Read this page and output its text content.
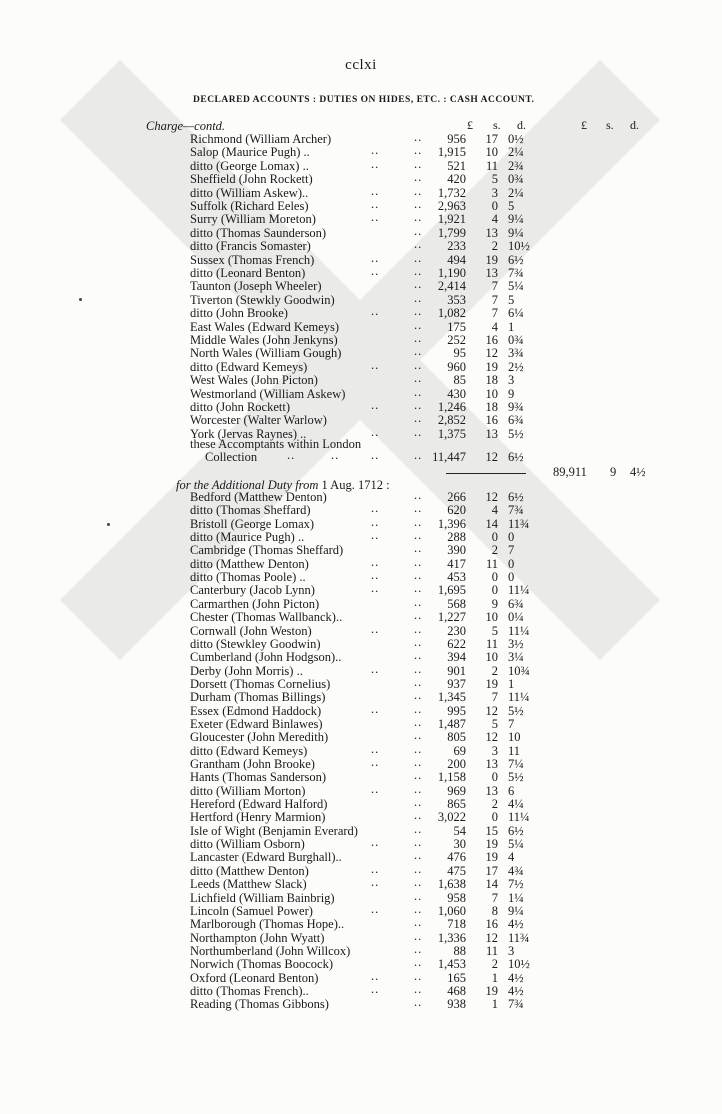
cclxi
DECLARED ACCOUNTS : DUTIES ON HIDES, ETC. : CASH ACCOUNT.
£ s. d.	£ s. d.
Charge—contd.
Richmond (William Archer)	956	17 0½
..
Salop (Maurice Pugh) ..	1,915	10 2¼
..	..
ditto (George Lomax) ..	521	11 2¾
..	..
Sheffield (John Rockett)	420	5 0¾
..
ditto (William Askew)..	1,732	3 2¼
..	..
Suffolk (Richard Eeles)	2,963	0 5
..	..
Surry (William Moreton)	1,921	4 9¼
..	..
ditto (Thomas Saunderson)	1,799	13 9¼
..
ditto (Francis Somaster)	233	2 10½
..
Sussex (Thomas French)	494	19 6½
..	..
ditto (Leonard Benton)	1,190	13 7¾
..	..
Taunton (Joseph Wheeler)	2,414	7 5¼
..
Tiverton (Stewkly Goodwin)	353	7 5
..
ditto (John Brooke)	1,082	7 6¼
..	..
East Wales (Edward Kemeys)	175	4 1
..
Middle Wales (John Jenkyns)	252	16 0¾
..
North Wales (William Gough)	95	12 3¾
..
ditto (Edward Kemeys)	960	19 2½
..	..
West Wales (John Picton)	85	18 3
..
Westmorland (William Askew)	430	10 9
..
ditto (John Rockett)	1,246	18 9¾
..	..
Worcester (Walter Warlow)	2,852	16 6¾
..
York (Jervas Raynes) ..	1,375	13 5½
..	..
these Accomptants within London
Collection ..	..	..	.. 11,447	12 6½
89,911 9 4½
for the Additional Duty from 1 Aug. 1712 :
Bedford (Matthew Denton)	266	12 6½
..
ditto (Thomas Sheffard)	620	4 7¾
..	..
Bristoll (George Lomax)	1,396	14 11¾
..	..
ditto (Maurice Pugh) ..	288	0 0
..	..
Cambridge (Thomas Sheffard)	390	2 7
..
ditto (Matthew Denton)	417	11 0
..	..
ditto (Thomas Poole) ..	453	0 0
..	..
Canterbury (Jacob Lynn)	1,695	0 11¼
..	..
Carmarthen (John Picton)	568	9 6¾
..
Chester (Thomas Wallbanck)..	1,227	10 0¼
..
Cornwall (John Weston)	230	5 11¼
..	..
ditto (Stewkley Goodwin)	622	11 3½
..
Cumberland (John Hodgson)..	394	10 3¼
..
Derby (John Morris) ..	901	2 10¾
..	..
Dorsett (Thomas Cornelius)	937	19 1
..
Durham (Thomas Billings)	1,345	7 11¼
..
Essex (Edmond Haddock)	995	12 5½
..	..
Exeter (Edward Binlawes)	1,487	5 7
..
Gloucester (John Meredith)	805	12 10
..
ditto (Edward Kemeys)	69	3 11
..	..
Grantham (John Brooke)	200	13 7¼
..	..
Hants (Thomas Sanderson)	1,158	0 5½
..
ditto (William Morton)	969	13 6
..	..
Hereford (Edward Halford)	865	2 4¼
..
Hertford (Henry Marmion)	3,022	0 11¼
..
Isle of Wight (Benjamin Everard)	54	15 6½
..
ditto (William Osborn)	30	19 5¼
..	..
Lancaster (Edward Burghall)..	476	19 4
..
ditto (Matthew Denton)	475	17 4¾
..	..
Leeds (Matthew Slack)	1,638	14 7½
..	..
Lichfield (William Bainbrig)	958	7 1¼
..
Lincoln (Samuel Power)	1,060	8 9¼
..	..
Marlborough (Thomas Hope)..	718	16 4½
..
Northampton (John Wyatt)	1,336	12 11¾
..
Northumberland (John Willcox)	88	11 3
..
Norwich (Thomas Boocock)	1,453	2 10½
..
Oxford (Leonard Benton)	165	1 4½
..	..
ditto (Thomas French)..	468	19 4½
..	..
Reading (Thomas Gibbons)	938	1 7¾
..
